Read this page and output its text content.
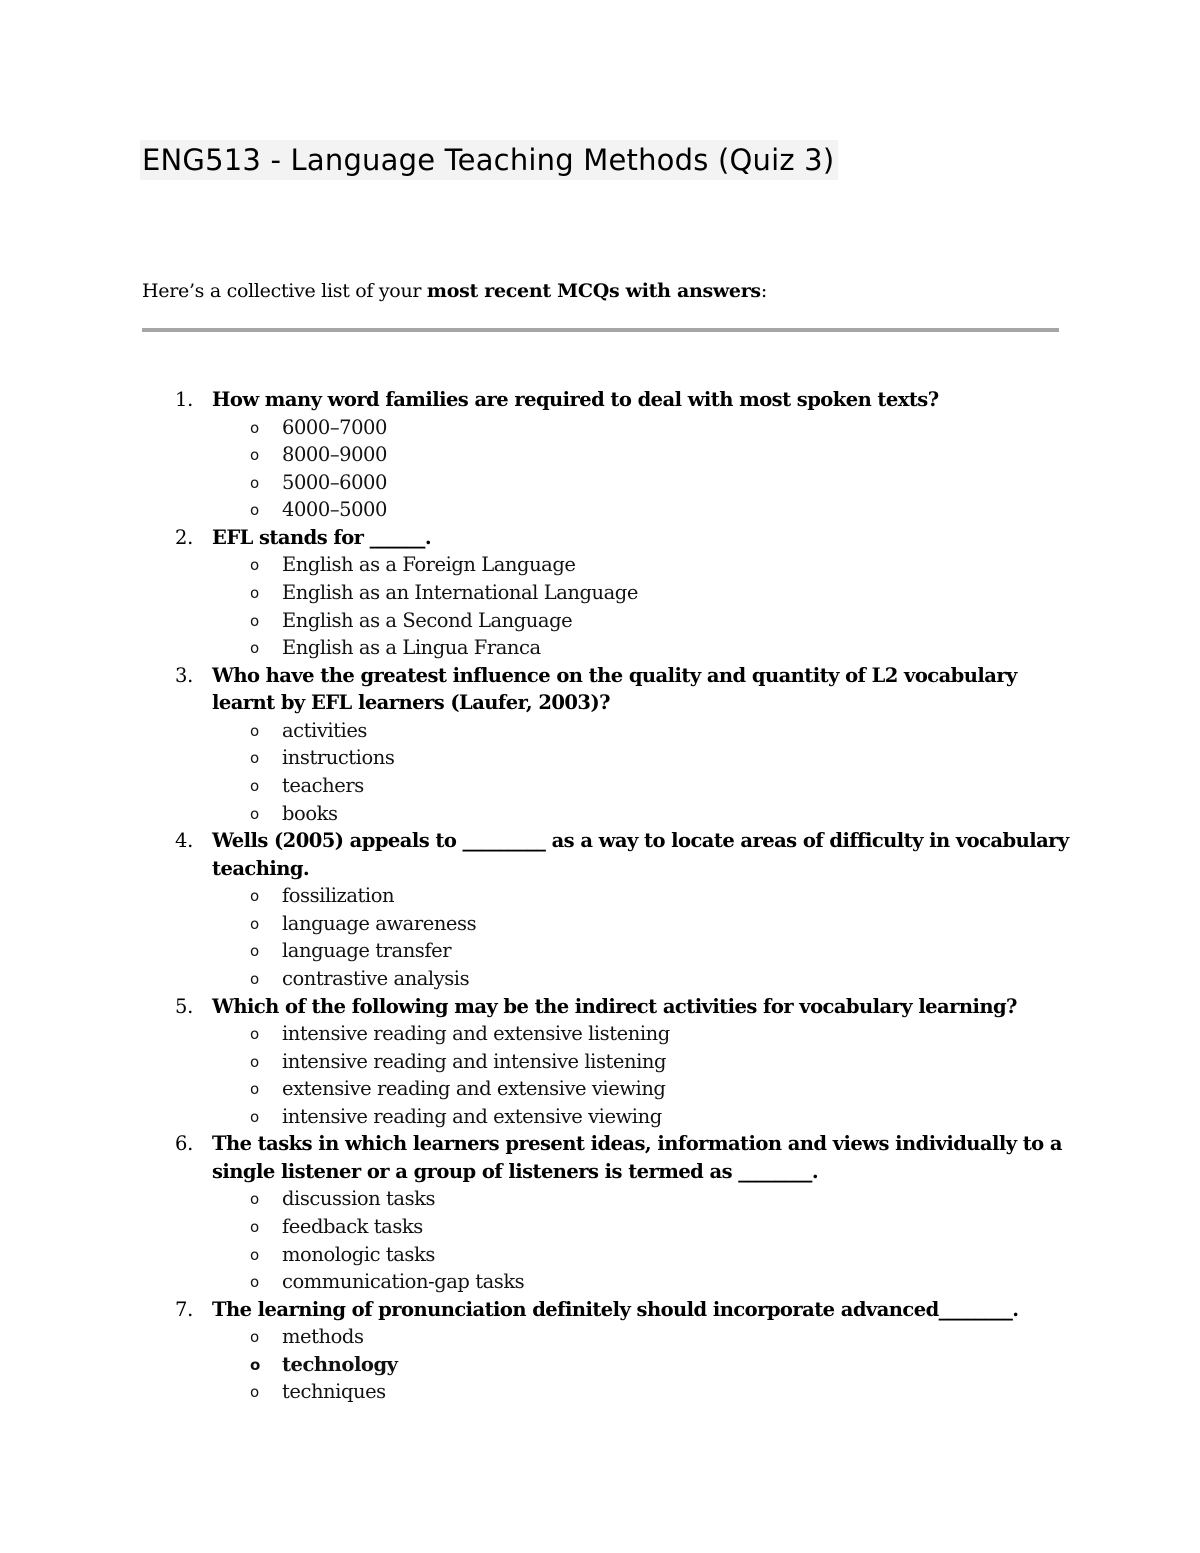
ENG513 - Language Teaching Methods (Quiz 3)
Here’s a collective list of your most recent MCQs with answers:
1. How many word families are required to deal with most spoken texts?
o 6000–7000
o 8000–9000
o 5000–6000
o 4000–5000
2. EFL stands for ______.
o English as a Foreign Language
o English as an International Language
o English as a Second Language
o English as a Lingua Franca
3. Who have the greatest influence on the quality and quantity of L2 vocabulary learnt by EFL learners (Laufer, 2003)?
o activities
o instructions
o teachers
o books
4. Wells (2005) appeals to _________ as a way to locate areas of difficulty in vocabulary teaching.
o fossilization
o language awareness
o language transfer
o contrastive analysis
5. Which of the following may be the indirect activities for vocabulary learning?
o intensive reading and extensive listening
o intensive reading and intensive listening
o extensive reading and extensive viewing
o intensive reading and extensive viewing
6. The tasks in which learners present ideas, information and views individually to a single listener or a group of listeners is termed as ________.
o discussion tasks
o feedback tasks
o monologic tasks
o communication-gap tasks
7. The learning of pronunciation definitely should incorporate advanced________.
o methods
o technology
o techniques
